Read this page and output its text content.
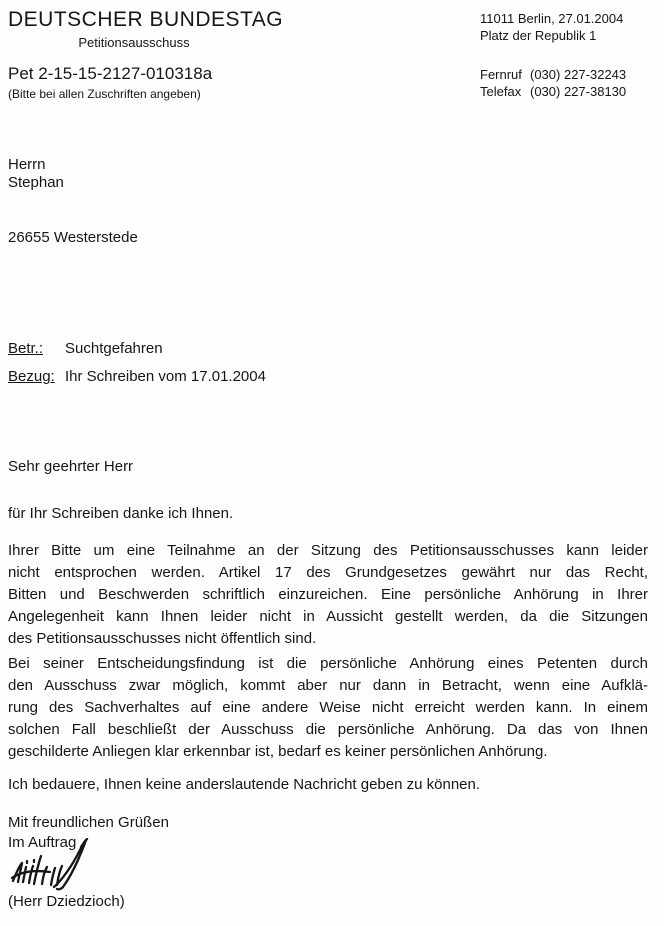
DEUTSCHER BUNDESTAG
Petitionsausschuss
11011 Berlin, 27.01.2004
Platz der Republik 1
Pet 2-15-15-2127-010318a
(Bitte bei allen Zuschriften angeben)
Fernruf (030) 227-32243
Telefax (030) 227-38130
Herrn
Stephan
26655 Westerstede
Betr.:	Suchtgefahren
Bezug: Ihr Schreiben vom 17.01.2004
Sehr geehrter Herr
für Ihr Schreiben danke ich Ihnen.
Ihrer Bitte um eine Teilnahme an der Sitzung des Petitionsausschusses kann leider
nicht entsprochen werden. Artikel 17 des Grundgesetzes gewährt nur das Recht,
Bitten und Beschwerden schriftlich einzureichen. Eine persönliche Anhörung in Ihrer
Angelegenheit kann Ihnen leider nicht in Aussicht gestellt werden, da die Sitzungen
des Petitionsausschusses nicht öffentlich sind.
Bei seiner Entscheidungsfindung ist die persönliche Anhörung eines Petenten durch
den Ausschuss zwar möglich, kommt aber nur dann in Betracht, wenn eine Aufklä-
rung des Sachverhaltes auf eine andere Weise nicht erreicht werden kann. In einem
solchen Fall beschließt der Ausschuss die persönliche Anhörung. Da das von Ihnen
geschilderte Anliegen klar erkennbar ist, bedarf es keiner persönlichen Anhörung.
Ich bedauere, Ihnen keine anderslautende Nachricht geben zu können.
Mit freundlichen Grüßen
Im Auftrag
(Herr Dziedzioch)
